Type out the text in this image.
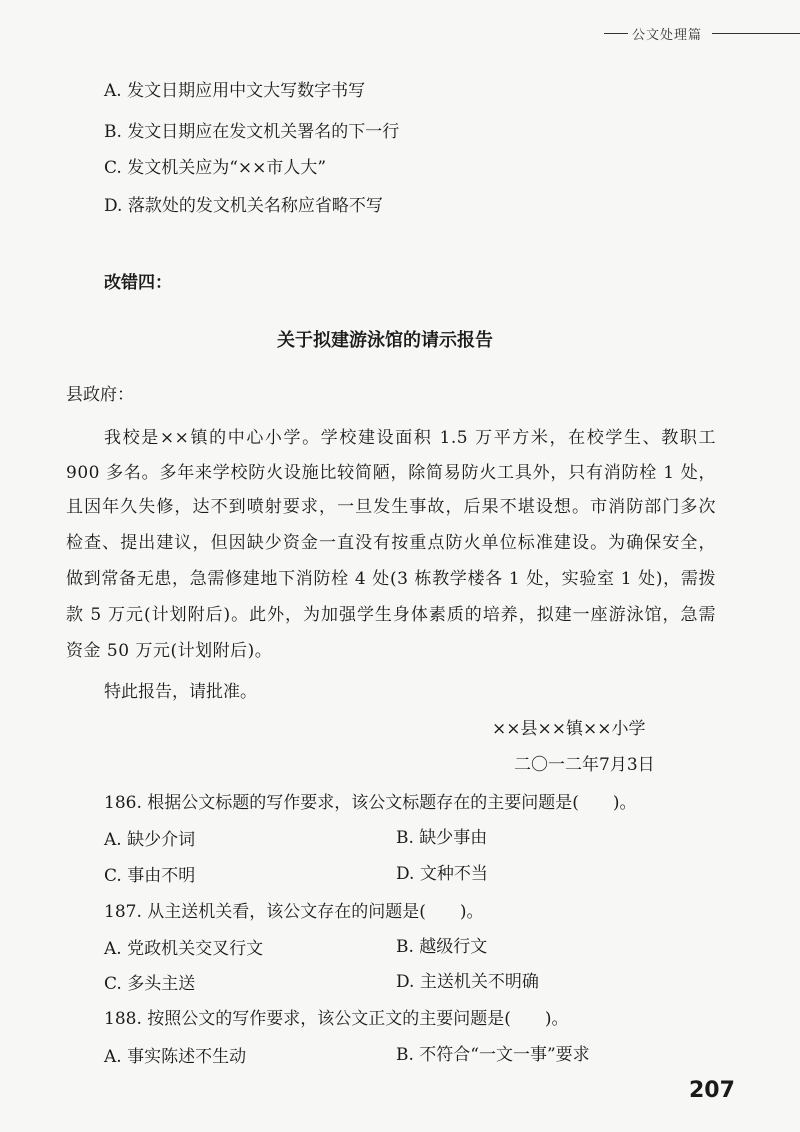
公文处理篇
A. 发文日期应用中文大写数字书写
B. 发文日期应在发文机关署名的下一行
C. 发文机关应为“××市人大”
D. 落款处的发文机关名称应省略不写
改错四：
关于拟建游泳馆的请示报告
县政府：
我校是××镇的中心小学。学校建设面积 1.5 万平方米，在校学生、教职工
900 多名。多年来学校防火设施比较简陋，除简易防火工具外，只有消防栓 1 处，
且因年久失修，达不到喷射要求，一旦发生事故，后果不堪设想。市消防部门多次
检查、提出建议，但因缺少资金一直没有按重点防火单位标准建设。为确保安全，
做到常备无患，急需修建地下消防栓 4 处(3 栋教学楼各 1 处，实验室 1 处)，需拨
款 5 万元(计划附后)。此外，为加强学生身体素质的培养，拟建一座游泳馆，急需
资金 50 万元(计划附后)。
特此报告，请批准。
××县××镇××小学
二〇一二年7月3日
186. 根据公文标题的写作要求，该公文标题存在的主要问题是(　　)。
A. 缺少介词	B. 缺少事由
C. 事由不明	D. 文种不当
187. 从主送机关看，该公文存在的问题是(　　)。
A. 党政机关交叉行文	B. 越级行文
C. 多头主送	D. 主送机关不明确
188. 按照公文的写作要求，该公文正文的主要问题是(　　)。
A. 事实陈述不生动	B. 不符合“一文一事”要求
207
